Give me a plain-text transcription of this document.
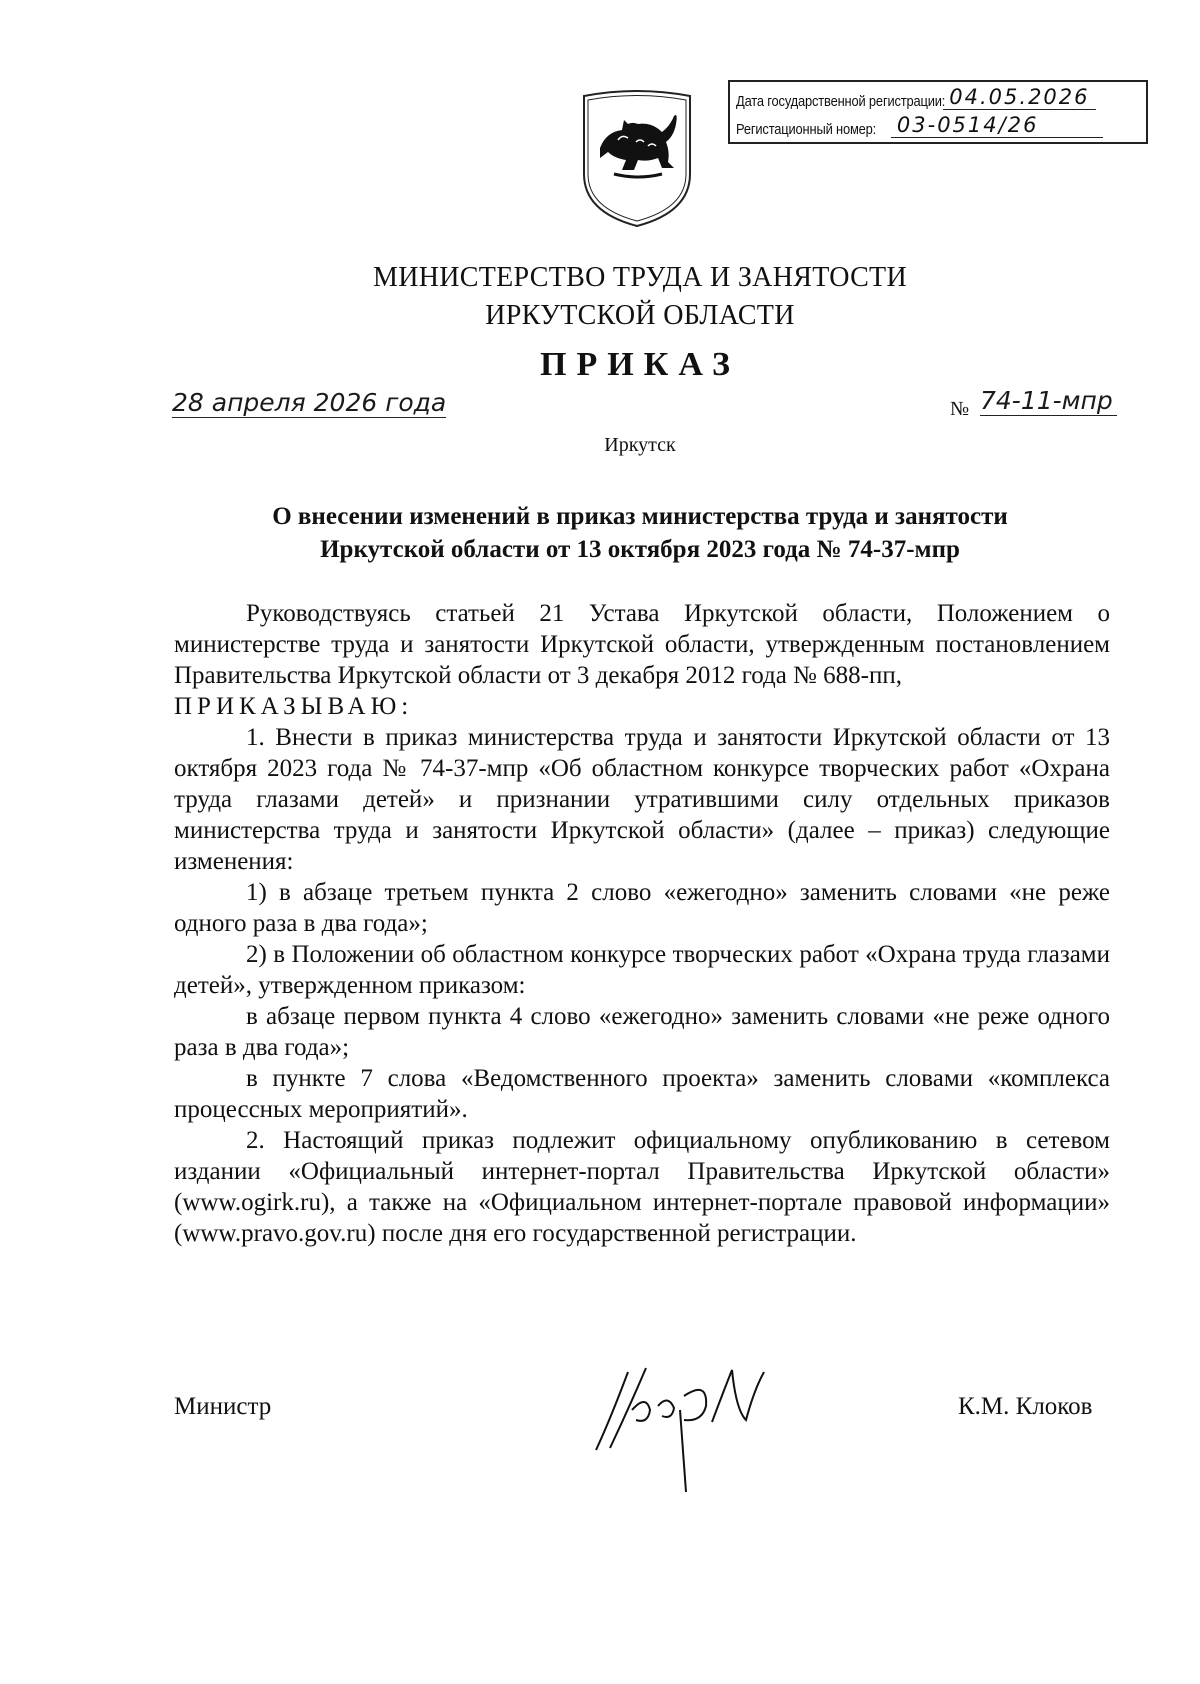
Дата государственной регистрации: 04.05.2026
Регистационный номер: 03-0514/26
МИНИСТЕРСТВО ТРУДА И ЗАНЯТОСТИ
ИРКУТСКОЙ ОБЛАСТИ
ПРИКАЗ
28 апреля 2026 года	№ 74-11-мпр
Иркутск
О внесении изменений в приказ министерства труда и занятости
Иркутской области от 13 октября 2023 года № 74-37-мпр

Руководствуясь статьей 21 Устава Иркутской области, Положением о министерстве труда и занятости Иркутской области, утвержденным постановлением Правительства Иркутской области от 3 декабря 2012 года № 688-пп,

ПРИКАЗЫВАЮ:

1. Внести в приказ министерства труда и занятости Иркутской области от 13 октября 2023 года № 74-37-мпр «Об областном конкурсе творческих работ «Охрана труда глазами детей» и признании утратившими силу отдельных приказов министерства труда и занятости Иркутской области» (далее – приказ) следующие изменения:

1) в абзаце третьем пункта 2 слово «ежегодно» заменить словами «не реже одного раза в два года»;

2) в Положении об областном конкурсе творческих работ «Охрана труда глазами детей», утвержденном приказом:

в абзаце первом пункта 4 слово «ежегодно» заменить словами «не реже одного раза в два года»;

в пункте 7 слова «Ведомственного проекта» заменить словами «комплекса процессных мероприятий».

2. Настоящий приказ подлежит официальному опубликованию в сетевом издании «Официальный интернет-портал Правительства Иркутской области» (www.ogirk.ru), а также на «Официальном интернет-портале правовой информации» (www.pravo.gov.ru) после дня его государственной регистрации.

Министр	К.М. Клоков
